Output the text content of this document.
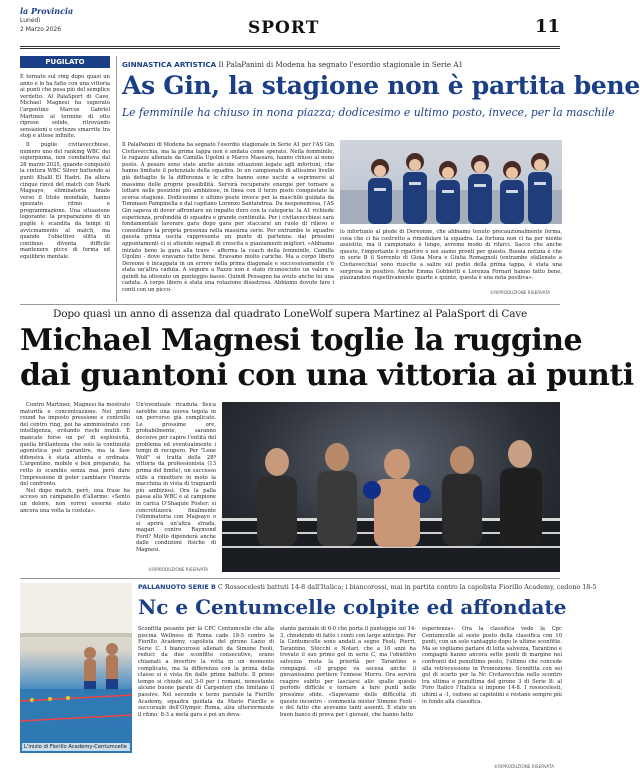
la Provincia
Lunedì
2 Marzo 2026	SPORT	11
PUGILATO

È tornato sul ring dopo quasi un anno e lo ha fatto con una vittoria ai punti che pesa più del semplice verdetto. Al PalaSport di Cave, Michael Magnesi ha superato l'argentino Marcos Gabriel Martinez al termine di otto riprese solide, ritrovando sensazioni e certezze smarrite tra stop e attese infinite.

Il pugile civitavecchiese, numero uno del ranking WBC dei superpiuma, non combatteva dal 28 marzo 2025, quando conquistò la cintura WBC Silver battendo ai punti Khalil El Hadri. Da allora cinque rinvii del match con Mark Magsayo, eliminatoria finale verso il titolo mondiale, hanno spezzato ritmo e programmazione. Una situazione logorante: la preparazione di un pugile è scandita da tempi di avvicinamento al match, ma quando l'obiettivo slitta di continuo diventa difficile mantenere picco di forma ed equilibrio mentale.

GINNASTICA ARTISTICA Il PalaPanini di Modena ha segnato l'esordio stagionale in Serie A1
As Gin, la stagione non è partita bene
Le femminile ha chiuso in nona piazza; dodicesimo e ultimo posto, invece, per la maschile

Il PalaPanini di Modena ha segnato l'esordio stagionale in Serie A1 per l'AS Gin Civitavecchia, ma la prima tappa non è andata come sperato. Nella femminile, le ragazze allenate da Camilla Ugolini e Marco Massara, hanno chiuso al nono posto. A pesare sono state anche alcune situazioni legate agli infortuni, che hanno limitato il potenziale della squadra. In un campionato di altissimo livello già dettaglio fa la differenza e le cifre hanno sono uscite a esprimersi al massimo delle proprie possibilità. Servirà recuperare energie per tornare a lottare nelle posizioni più ambiziose, in linea con il terzo posto conquistato la scorsa stagione. Dodicesimo e ultimo posto invece per la maschile guidata da Tommaso Pampinella e dal capitano Lorenzo Santandrea. Da nesponemosa, l'AS Gin sapeva di dover affrontare un impatto duro con la categoria: la A1 richiede esperienza, profondità di squadra e grande continuità. Per i civitavecchiesi sarà fondamentale lavorare gara dopo gara per staccarsi un ruolo di rilievo e consolidare la propria presenza nella massima serie. Per entrambe le squadre questa prima uscita rappresenta un punto di partenza: dai prossimi appuntamenti ci si attende segnali di crescita e piazzamenti migliori. «Abbiamo iniziato bene la gara alla trave - afferma la coach della femminile, Camilla Ugolini - dove eravamo tutte bene. Eravamo molto cariche. Ma a corpo libero Dereone è incappata in un errore nella prima diagonale e successivamente c'è stata un'altra caduta. A seguire a Pazzo non è stato riconosciuto un valore e quindi ha ottenuto un punteggio basso. Quindi Pessagno ha avuto anche lei una caduta. A corpo libero è stata una rotazione disastrosa. Abbiamo dovuto fare i conti con un picco-

lo infortunio al piede di Dereonne, che abbiamo tenuto precauzionalmente ferma, cosa che ci ha costretto a rimodulare la squadra. La fortuna non ci ha per niente assistito, ma il campionato è lungo, avremo modo di rifarci. Sacco che anche questo, l'importante è ripartire e noi siamo pronti per questo. Buona notizia è che in serie B il Sorrento di Gioia Mora e Giulia Romagnoli (entrambe sfallenate a Civitavecchia) sono riuscite a salire sul podio della prima tappa, è stata una sorpresa in positivo. Anche Emma Gobbietti e Lorenza Fornari hanno fatto bene, piazzandosi rispettivamente quarte e quinte, questa è una nota positiva».

©RIPRODUZIONE RISERVATA
Dopo quasi un anno di assenza dal quadrato LoneWolf supera Martinez al PalaSport di Cave
Michael Magnesi toglie la ruggine
dai guantoni con una vittoria ai punti

Contro Martinez, Magnesi ha mostrato maturità e concentrazione. Nei primi round ha imposto pressione e controllo del centro ring, poi ha amministrato con intelligenza, evitando rischi inutili. È mancato forse un po' di esplosività, quella brillantezza che solo la continuità agonistica può garantire, ma la fase difensiva è stata attenta e ordinata. L'argentino, mobile e ben preparato, ha retto lo scambio senza mai però dare l'impressione di poter cambiare l'inerzia del confronto.

Nel dopo match, però, una frase ha acceso un campanello d'allarme: «Sento un dolore, non vorrei esserne stato ancora una volta la costola».

Un'eventuale ricaduta fisica sarebbe una nuova tegola in un percorso già complicato. Le prossime ore, probabilmente, saranno decisive per capire l'entità del problema ed eventualmente i tempi di recupero. Per "Lone Wolf" si tratta della 28ª vittoria da professionista (13 prima del limite), un successo utile a rimettere in moto la macchina in vista di traguardi più ambiziosi. Ora la palla passa alla WBC e al campione in carica O'Shaquie Foster: si concretizzerà finalmente l'eliminatoria con Magsayo o si aprirà un'altra strada, magari contro Raymond Ford? Molto dipenderà anche dalle condizioni fisiche di Magnesi.

©RIPRODUZIONE RISERVATA
PALLANUOTO SERIE B C Rossocelesti battuti 14-8 dall'Italica; i biancorossi, mai in partita contro la capolista Fiorillo Academy, cedono 18-5
Nc e Centumcelle colpite ed affondate
L'inizio di Fiorillo Academy-Centumcelle

Sconfitta pesante per la CPC Centumcelle che alla piscina Wellness di Roma cade 18-5 contro la Fiorillo Academy, capolista del girone Lazio di Serie C. I biancorossi allenati da Simone Feoli, reduci da due sconfitte consecutive, erano chiamati a invertire la rotta in un momento complicato, ma la differenza con la prima della classe si è vista fin dalle prime battute. Il primo tempo si chiude sul 3-0 per i romani, nonostante alcune buone parate di Carpenteri che limitano il passivo. Nel secondo e terzo parziale la Fiorillo Academy, squadra guidata da Mario Fiorillo e succursale dell'Olympic Roma, alza ulteriormente il ritmo: 8-3 a metà gara e poi un deva-

stante parziale di 6-0 che porta il punteggio sul 14-3, chiudendo di fatto i conti con largo anticipo. Per la Centumcelle sono andati a segno Feoli, Pierri, Tarantino, Stocchi e Notari, che a 16 anni ha trovato il suo primo gol in serie C, ma l'obiettivo salvezza resta la priorità per Tarantino e compagni. «Il gruppo va ascesa anche il giovanissimo portiere l'ennese Murru. Ora servirà reagire subito per lasciarsi alle spalle questo periodo difficile e tornare a fare punti nelle prossime sfide. «Sapevamo delle difficoltà di questo incontro - commenta mister Simone Feoli - e del fatto che avevamo tanti assenti. È stato un buon banco di prova per i giovani, che hanno fatto

esperienza». Ora la classifica vede la Cpc Centumcelle al sesto posto della classifica con 10 punti, con un solo vantaggio dopo le ultime sconfitte. Ma se vogliamo parlare di lotta salvezza, Tarantino e compagni hanno ancora sette punti di margine nei confronti del penultimo posto, l'ultimo che concede alla retrocessione in Promozione. Sconfitta con sei gol di scarto per la Nc Civitavecchia nello scontro tra ultima e penultima del girone 3 di Serie B: al Foro Italico l'Italica si impone 14-8. I rossocelesti, ultimi a -1, cedono ai capitolini e restano sempre più in fondo alla classifica.

©RIPRODUZIONE RISERVATA
